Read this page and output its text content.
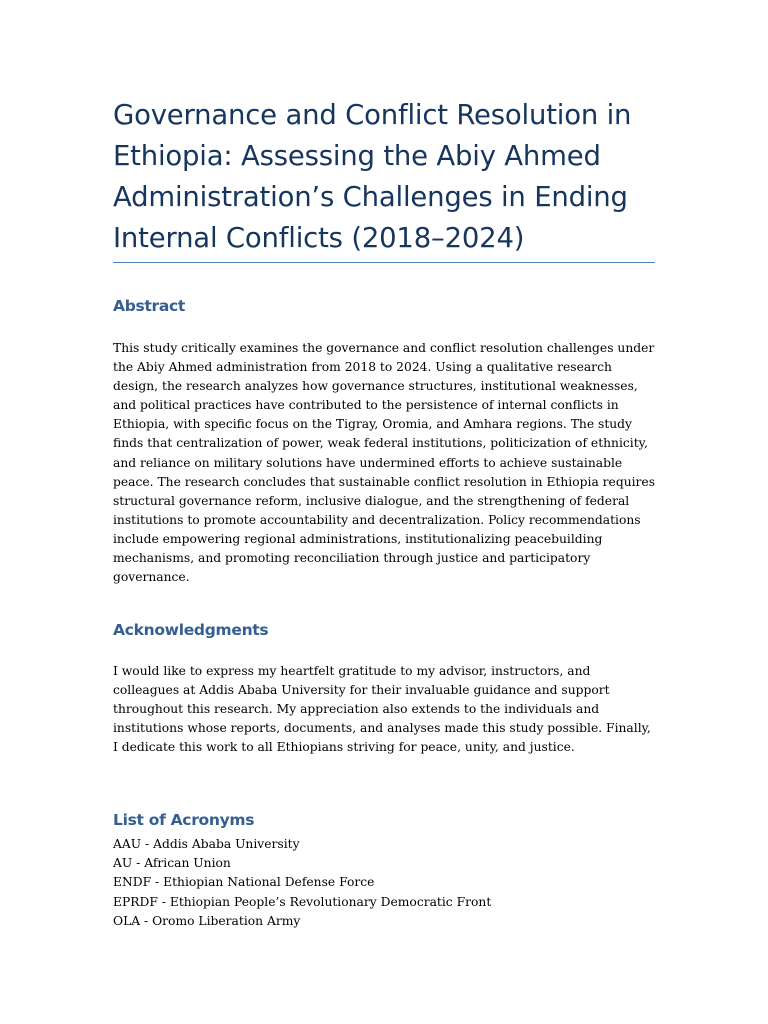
Governance and Conflict Resolution in Ethiopia: Assessing the Abiy Ahmed Administration’s Challenges in Ending Internal Conflicts (2018–2024)
Abstract

This study critically examines the governance and conflict resolution challenges under the Abiy Ahmed administration from 2018 to 2024. Using a qualitative research design, the research analyzes how governance structures, institutional weaknesses, and political practices have contributed to the persistence of internal conflicts in Ethiopia, with specific focus on the Tigray, Oromia, and Amhara regions. The study finds that centralization of power, weak federal institutions, politicization of ethnicity, and reliance on military solutions have undermined efforts to achieve sustainable peace. The research concludes that sustainable conflict resolution in Ethiopia requires structural governance reform, inclusive dialogue, and the strengthening of federal institutions to promote accountability and decentralization. Policy recommendations include empowering regional administrations, institutionalizing peacebuilding mechanisms, and promoting reconciliation through justice and participatory governance.

Acknowledgments

I would like to express my heartfelt gratitude to my advisor, instructors, and colleagues at Addis Ababa University for their invaluable guidance and support throughout this research. My appreciation also extends to the individuals and institutions whose reports, documents, and analyses made this study possible. Finally, I dedicate this work to all Ethiopians striving for peace, unity, and justice.

List of Acronyms
AAU - Addis Ababa University
AU - African Union
ENDF - Ethiopian National Defense Force
EPRDF - Ethiopian People’s Revolutionary Democratic Front
OLA - Oromo Liberation Army
